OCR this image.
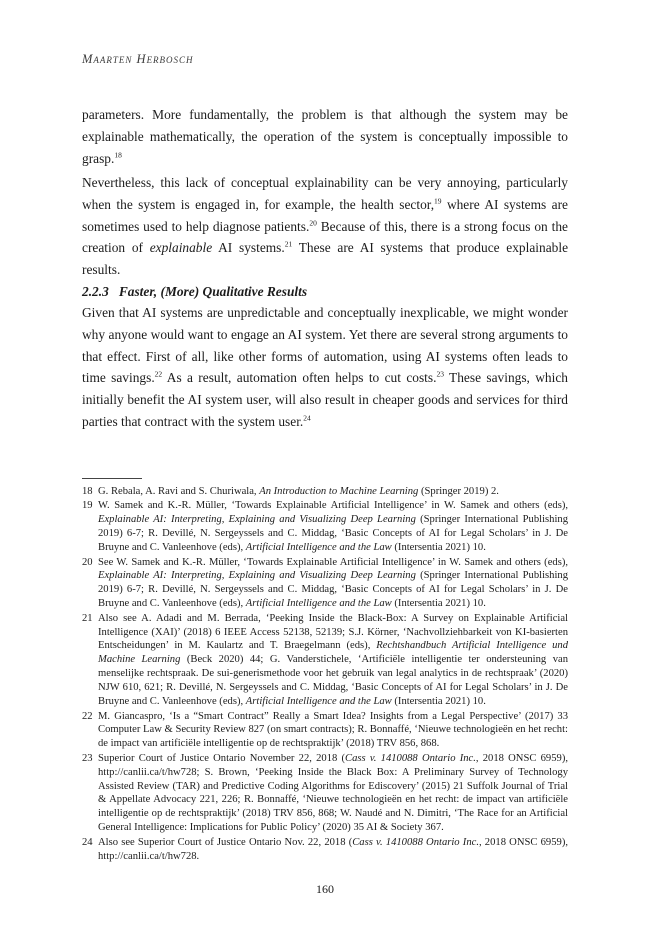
Maarten Herbosch
parameters. More fundamentally, the problem is that although the system may be explainable mathematically, the operation of the system is conceptually impossible to grasp.$^{18}$
Nevertheless, this lack of conceptual explainability can be very annoying, particularly when the system is engaged in, for example, the health sector,$^{19}$ where AI systems are sometimes used to help diagnose patients.$^{20}$ Because of this, there is a strong focus on the creation of explainable AI systems.$^{21}$ These are AI systems that produce explainable results.
2.2.3 Faster, (More) Qualitative Results
Given that AI systems are unpredictable and conceptually inexplicable, we might wonder why anyone would want to engage an AI system. Yet there are several strong arguments to that effect. First of all, like other forms of automation, using AI systems often leads to time savings.$^{22}$ As a result, automation often helps to cut costs.$^{23}$ These savings, which initially benefit the AI system user, will also result in cheaper goods and services for third parties that contract with the system user.$^{24}$
18 G. Rebala, A. Ravi and S. Churiwala, An Introduction to Machine Learning (Springer 2019) 2.
19 W. Samek and K.-R. Müller, ‘Towards Explainable Artificial Intelligence’ in W. Samek and others (eds), Explainable AI: Interpreting, Explaining and Visualizing Deep Learning (Springer International Publishing 2019) 6-7; R. Devillé, N. Sergeyssels and C. Middag, ‘Basic Concepts of AI for Legal Scholars’ in J. De Bruyne and C. Vanleenhove (eds), Artificial Intelligence and the Law (Intersentia 2021) 10.
20 See W. Samek and K.-R. Müller, ‘Towards Explainable Artificial Intelligence’ in W. Samek and others (eds), Explainable AI: Interpreting, Explaining and Visualizing Deep Learning (Springer International Publishing 2019) 6-7; R. Devillé, N. Sergeyssels and C. Middag, ‘Basic Concepts of AI for Legal Scholars’ in J. De Bruyne and C. Vanleenhove (eds), Artificial Intelligence and the Law (Intersentia 2021) 10.
21 Also see A. Adadi and M. Berrada, ‘Peeking Inside the Black-Box: A Survey on Explainable Artificial Intelligence (XAI)’ (2018) 6 IEEE Access 52138, 52139; S.J. Körner, ‘Nachvollziehbarkeit von KI-basierten Entscheidungen’ in M. Kaulartz and T. Braegelmann (eds), Rechtshandbuch Artificial Intelligence und Machine Learning (Beck 2020) 44; G. Vanderstichele, ‘Artificiële intelligentie ter ondersteuning van menselijke rechtspraak. De sui-generismethode voor het gebruik van legal analytics in de rechtspraak’ (2020) NJW 610, 621; R. Devillé, N. Sergeyssels and C. Middag, ‘Basic Concepts of AI for Legal Scholars’ in J. De Bruyne and C. Vanleenhove (eds), Artificial Intelligence and the Law (Intersentia 2021) 10.
22 M. Giancaspro, ‘Is a “Smart Contract” Really a Smart Idea? Insights from a Legal Perspective’ (2017) 33 Computer Law & Security Review 827 (on smart contracts); R. Bonnaffé, ‘Nieuwe technologieën en het recht: de impact van artificiële intelligentie op de rechtspraktijk’ (2018) TRV 856, 868.
23 Superior Court of Justice Ontario November 22, 2018 (Cass v. 1410088 Ontario Inc., 2018 ONSC 6959), http://canlii.ca/t/hw728; S. Brown, ‘Peeking Inside the Black Box: A Preliminary Survey of Technology Assisted Review (TAR) and Predictive Coding Algorithms for Ediscovery’ (2015) 21 Suffolk Journal of Trial & Appellate Advocacy 221, 226; R. Bonnaffé, ‘Nieuwe technologieën en het recht: de impact van artificiële intelligentie op de rechtspraktijk’ (2018) TRV 856, 868; W. Naudé and N. Dimitri, ‘The Race for an Artificial General Intelligence: Implications for Public Policy’ (2020) 35 AI & Society 367.
24 Also see Superior Court of Justice Ontario Nov. 22, 2018 (Cass v. 1410088 Ontario Inc., 2018 ONSC 6959), http://canlii.ca/t/hw728.
160
